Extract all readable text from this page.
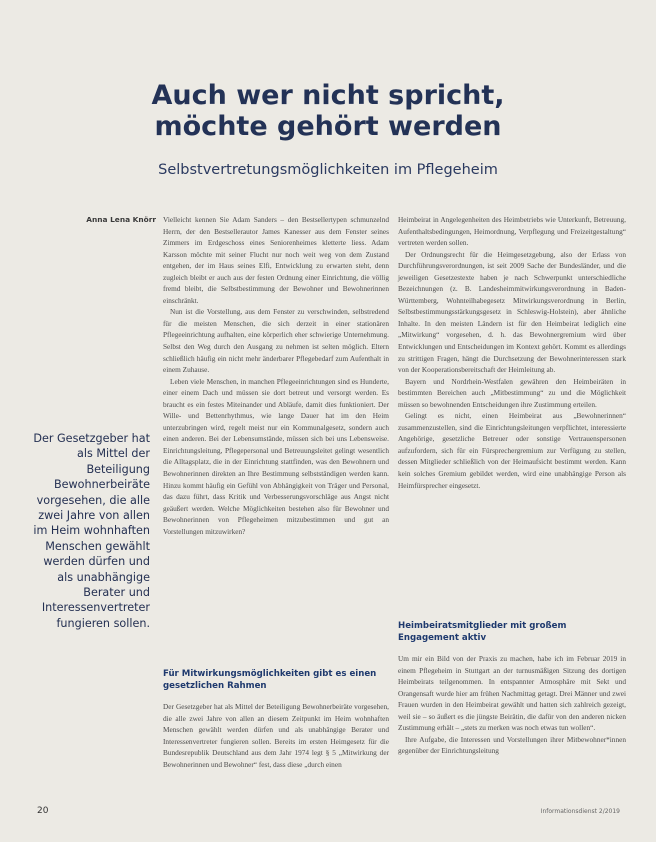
Auch wer nicht spricht,
möchte gehört werden
Selbstvertretungsmöglichkeiten im Pflegeheim
Anna Lena Knörr
Der Gesetzgeber hat als Mittel der Beteiligung Bewohnerbeiräte vorgesehen, die alle zwei Jahre von allen im Heim wohnhaften Menschen gewählt werden dürfen und als unabhängige Berater und Interessenvertreter fungieren sollen.

Vielleicht kennen Sie Adam Sanders – den Bestsellertypen schmunzelnd Herrn, der den Bestsellerautor James Kanesser aus dem Fenster seines Zimmers im Erdgeschoss eines Seniorenheimes kletterte liess. Adam Karsson möchte mit seiner Flucht nur noch weit weg von dem Zustand entgehen, der im Haus seines Elfi, Entwicklung zu erwarten steht, denn zugleich bleibt er auch aus der festen Ordnung einer Einrichtung, die völlig fremd bleibt, die Selbstbestimmung der Bewohner und Bewohnerinnen einschränkt.

Nun ist die Vorstellung, aus dem Fenster zu verschwinden, selbstredend für die meisten Menschen, die sich derzeit in einer stationären Pflegeeinrichtung aufhalten, eine körperlich eher schwierige Unternehmung. Selbst den Weg durch den Ausgang zu nehmen ist selten möglich. Eltern schließlich häufig ein nicht mehr änderbarer Pflegebedarf zum Aufenthalt in einem Zuhause.

Leben viele Menschen, in manchen Pflegeeinrichtungen sind es Hunderte, einer einem Dach und müssen sie dort betreut und versorgt werden. Es braucht es ein festes Miteinander und Abläufe, damit dies funktioniert. Der Wille- und Bettenrhythmus, wie lange Dauer hat im den Heim unterzubringen wird, regelt meist nur ein Kommunalgesetz, sondern auch einen anderen. Bei der Lebensumstände, müssen sich bei uns Lebensweise. Einrichtungsleitung, Pflegepersonal und Betreuungsleitet gelingt wesentlich die Alltagsplatz, die in der Einrichtung stattfinden, was den Bewohnern und Bewohnerinnen direkten an Ihre Bestimmung selbstständigen werden kann. Hinzu kommt häufig ein Gefühl von Abhängigkeit von Träger und Personal, das dazu führt, dass Kritik und Verbesserungsvorschläge aus Angst nicht geäußert werden. Welche Möglichkeiten bestehen also für Bewohner und Bewohnerinnen von Pflegeheimen mitzubestimmen und gut an Vorstellungen mitzuwirken?

Für Mitwirkungsmöglichkeiten gibt es einen gesetzlichen Rahmen

Der Gesetzgeber hat als Mittel der Beteiligung Bewohnerbeiräte vorgesehen, die alle zwei Jahre von allen an diesem Zeitpunkt im Heim wohnhaften Menschen gewählt werden dürfen und als unabhängige Berater und Interessenvertreter fungieren sollen. Bereits im ersten Heimgesetz für die Bundesrepublik Deutschland aus dem Jahr 1974 legt § 5 „Mitwirkung der Bewohnerinnen und Bewohner“ fest, dass diese „durch einen

Heimbeirat in Angelegenheiten des Heimbetriebs wie Unterkunft, Betreuung, Aufenthaltsbedingungen, Heimordnung, Verpflegung und Freizeitgestaltung“ vertreten werden sollen.

Der Ordnungsrecht für die Heimgesetzgebung, also der Erlass von Durchführungsverordnungen, ist seit 2009 Sache der Bundesländer, und die jeweiligen Gesetzestexte haben je nach Schwerpunkt unterschiedliche Bezeichnungen (z. B. Landesheimmitwirkungsverordnung in Baden-Württemberg, Wohnteilhabegesetz Mitwirkungsverordnung in Berlin, Selbstbestimmungsstärkungsgesetz in Schleswig-Holstein), aber ähnliche Inhalte. In den meisten Ländern ist für den Heimbeirat lediglich eine „Mitwirkung“ vorgesehen, d. h. das Bewohnergremium wird über Entwicklungen und Entscheidungen im Kontext gehört. Kommt es allerdings zu strittigen Fragen, hängt die Durchsetzung der Bewohnerinteressen stark von der Kooperationsbereitschaft der Heimleitung ab.

Bayern und Nordrhein-Westfalen gewähren den Heimbeiräten in bestimmten Bereichen auch „Mitbestimmung“ zu und die Möglichkeit müssen so bewohnenden Entscheidungen ihre Zustimmung erteilen.

Gelingt es nicht, einen Heimbeirat aus „Bewohnerinnen“ zusammenzustellen, sind die Einrichtungsleitungen verpflichtet, interessierte Angehörige, gesetzliche Betreuer oder sonstige Vertrauenspersonen aufzufordern, sich für ein Fürsprechergremium zur Verfügung zu stellen, dessen Mitglieder schließlich von der Heimaufsicht bestimmt werden. Kann kein solches Gremium gebildet werden, wird eine unabhängige Person als Heimfürsprecher eingesetzt.

Heimbeiratsmitglieder mit großem Engagement aktiv

Um mir ein Bild von der Praxis zu machen, habe ich im Februar 2019 in einem Pflegeheim in Stuttgart an der turnusmäßigen Sitzung des dortigen Heimbeirats teilgenommen. In entspannter Atmosphäre mit Sekt und Orangensaft wurde hier am frühen Nachmittag getagt. Drei Männer und zwei Frauen wurden in den Heimbeirat gewählt und hatten sich zahlreich gezeigt, weil sie – so äußert es die jüngste Beirätin, die dafür von den anderen nicken Zustimmung erhält – „stets zu merken was noch etwas tun wollen“.

Ihre Aufgabe, die Interessen und Vorstellungen ihrer Mitbewohner*innen gegenüber der Einrichtungsleitung

20	Informationsdienst 2/2019
